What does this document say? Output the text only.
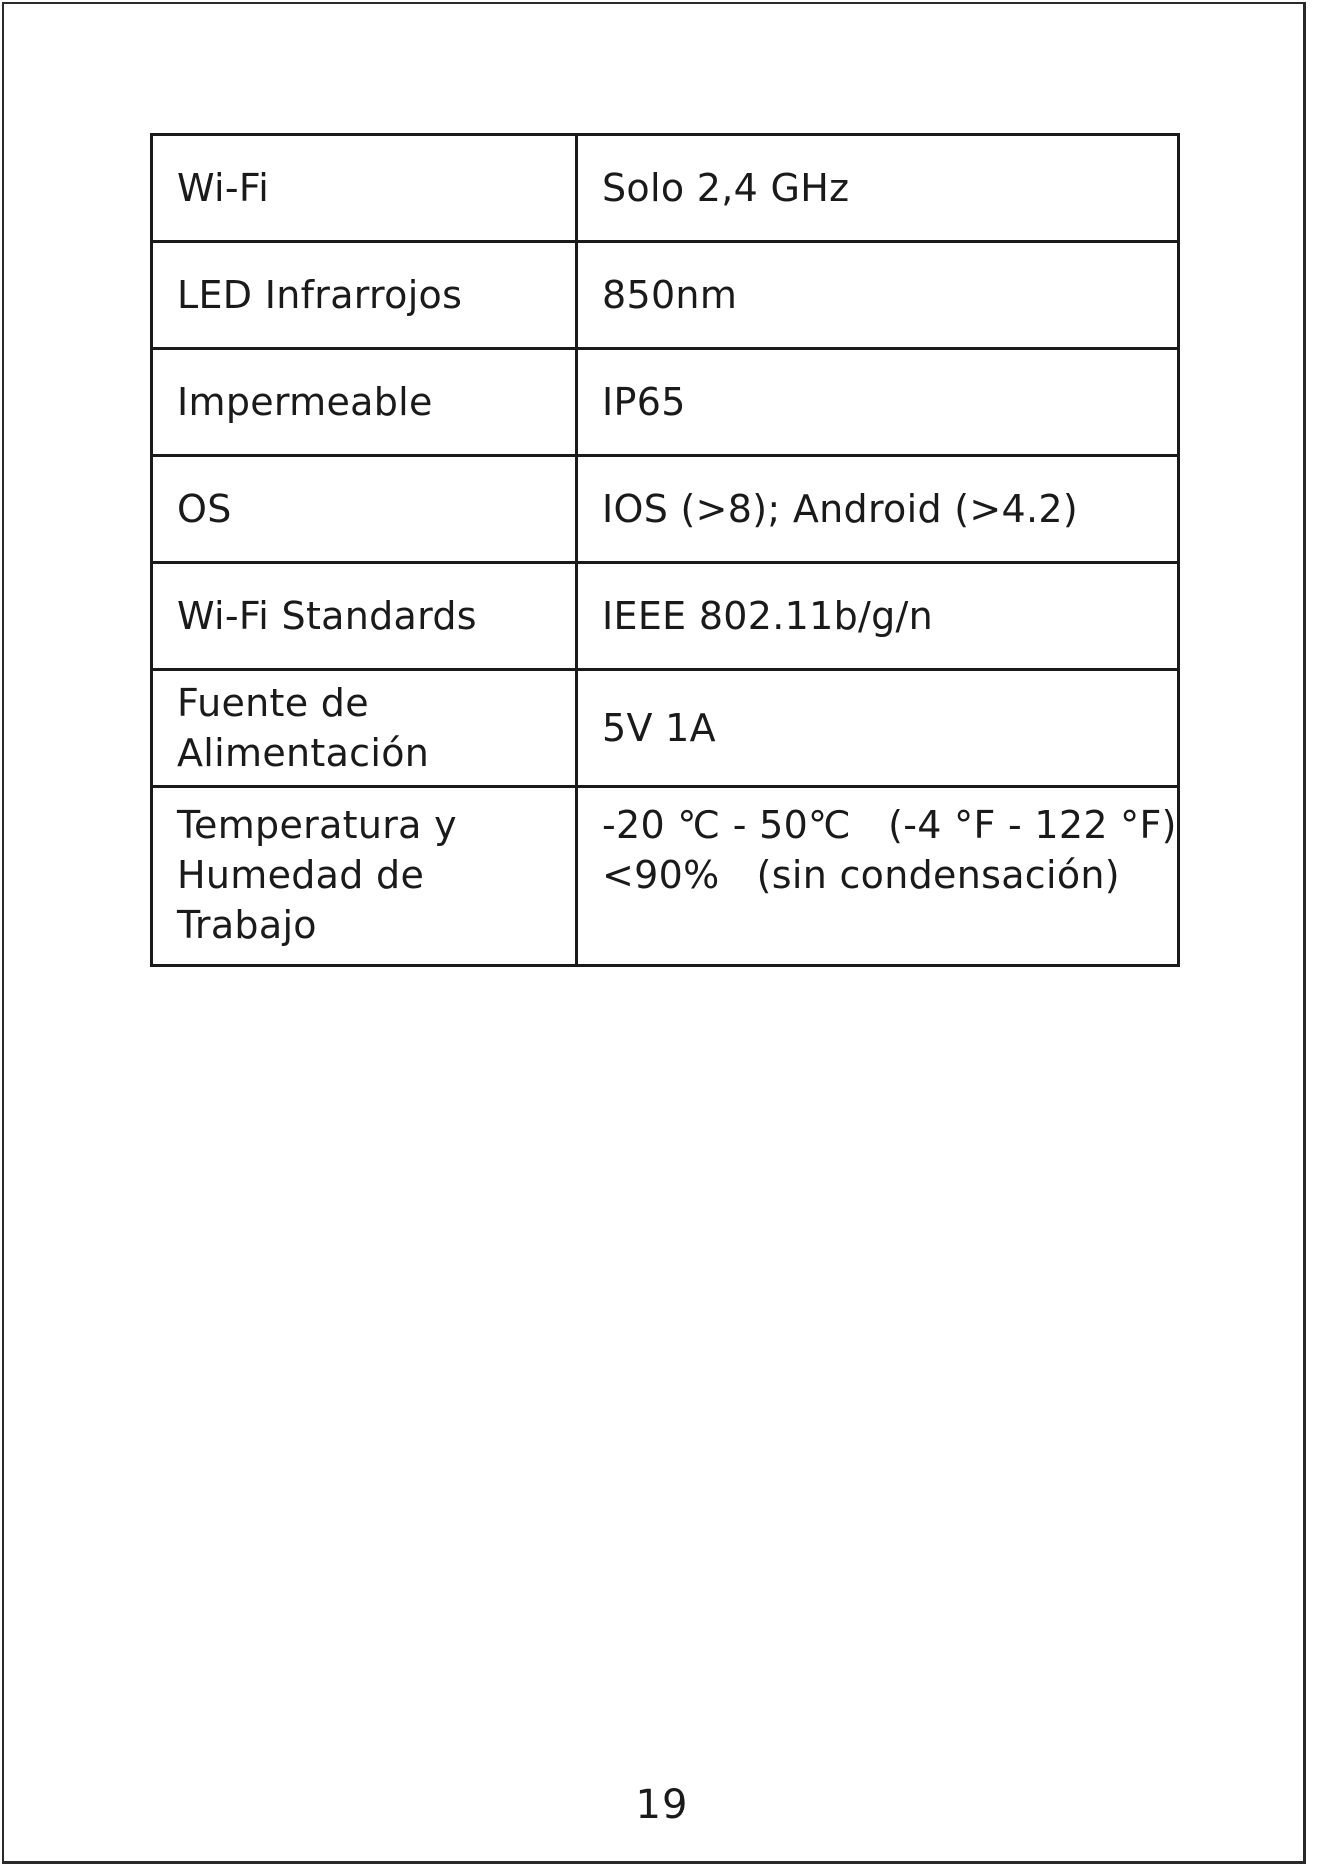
Wi-Fi	Solo 2,4 GHz
LED Infrarrojos	850nm
Impermeable	IP65
OS	IOS (>8); Android (>4.2)
Wi-Fi Standards	IEEE 802.11b/g/n
Fuente de
Alimentación	5V 1A
Temperatura y
Humedad de
Trabajo	-20 ℃ - 50℃   (-4 °F - 122 °F)
<90%   (sin condensación)
19
